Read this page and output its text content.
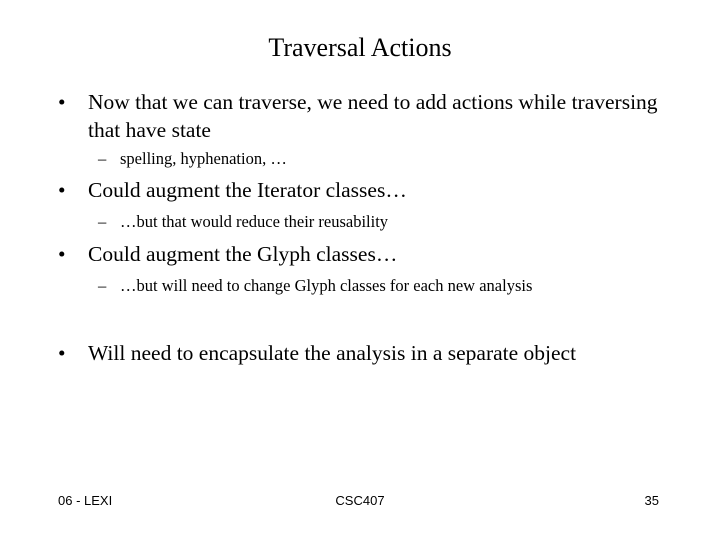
Traversal Actions
•	Now that we can traverse, we need to add actions while traversing that have state
– spelling, hyphenation, …
•	Could augment the Iterator classes…
– …but that would reduce their reusability
•	Could augment the Glyph classes…
– …but will need to change Glyph classes for each new analysis
•	Will need to encapsulate the analysis in a separate object
06 - LEXI	CSC407	35
